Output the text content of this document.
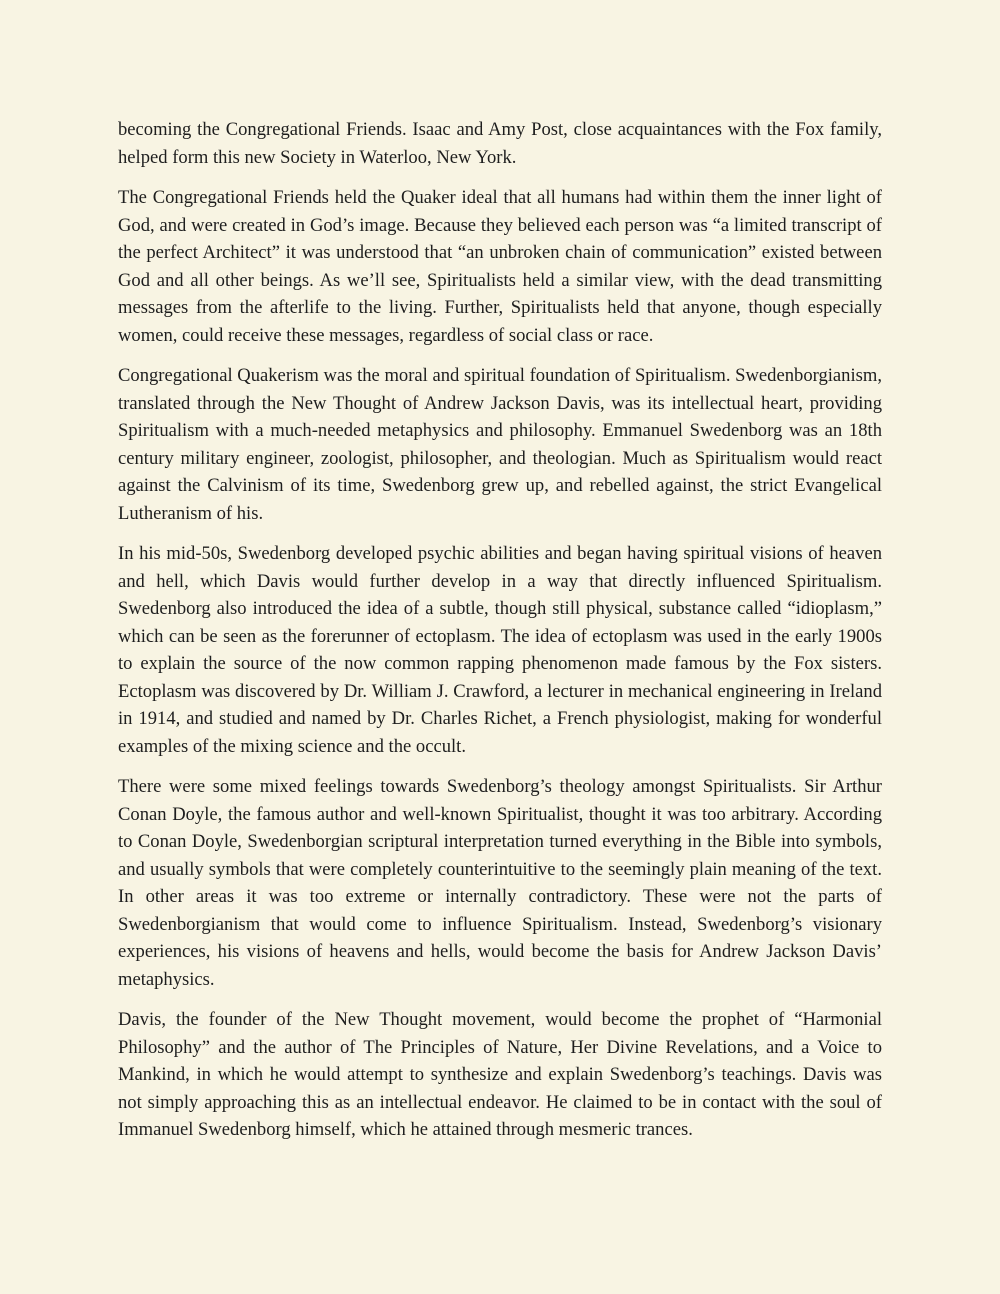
becoming the Congregational Friends. Isaac and Amy Post, close acquaintances with the Fox family, helped form this new Society in Waterloo, New York.

The Congregational Friends held the Quaker ideal that all humans had within them the inner light of God, and were created in God’s image. Because they believed each person was “a limited transcript of the perfect Architect” it was understood that “an unbroken chain of communication” existed between God and all other beings. As we’ll see, Spiritualists held a similar view, with the dead transmitting messages from the afterlife to the living. Further, Spiritualists held that anyone, though especially women, could receive these messages, regardless of social class or race.

Congregational Quakerism was the moral and spiritual foundation of Spiritualism. Swedenborgianism, translated through the New Thought of Andrew Jackson Davis, was its intellectual heart, providing Spiritualism with a much-needed metaphysics and philosophy. Emmanuel Swedenborg was an 18th century military engineer, zoologist, philosopher, and theologian. Much as Spiritualism would react against the Calvinism of its time, Swedenborg grew up, and rebelled against, the strict Evangelical Lutheranism of his.

In his mid-50s, Swedenborg developed psychic abilities and began having spiritual visions of heaven and hell, which Davis would further develop in a way that directly influenced Spiritualism. Swedenborg also introduced the idea of a subtle, though still physical, substance called “idioplasm,” which can be seen as the forerunner of ectoplasm. The idea of ectoplasm was used in the early 1900s to explain the source of the now common rapping phenomenon made famous by the Fox sisters. Ectoplasm was discovered by Dr. William J. Crawford, a lecturer in mechanical engineering in Ireland in 1914, and studied and named by Dr. Charles Richet, a French physiologist, making for wonderful examples of the mixing science and the occult.

There were some mixed feelings towards Swedenborg’s theology amongst Spiritualists. Sir Arthur Conan Doyle, the famous author and well-known Spiritualist, thought it was too arbitrary. According to Conan Doyle, Swedenborgian scriptural interpretation turned everything in the Bible into symbols, and usually symbols that were completely counterintuitive to the seemingly plain meaning of the text. In other areas it was too extreme or internally contradictory. These were not the parts of Swedenborgianism that would come to influence Spiritualism. Instead, Swedenborg’s visionary experiences, his visions of heavens and hells, would become the basis for Andrew Jackson Davis’ metaphysics.

Davis, the founder of the New Thought movement, would become the prophet of “Harmonial Philosophy” and the author of The Principles of Nature, Her Divine Revelations, and a Voice to Mankind, in which he would attempt to synthesize and explain Swedenborg’s teachings. Davis was not simply approaching this as an intellectual endeavor. He claimed to be in contact with the soul of Immanuel Swedenborg himself, which he attained through mesmeric trances.
